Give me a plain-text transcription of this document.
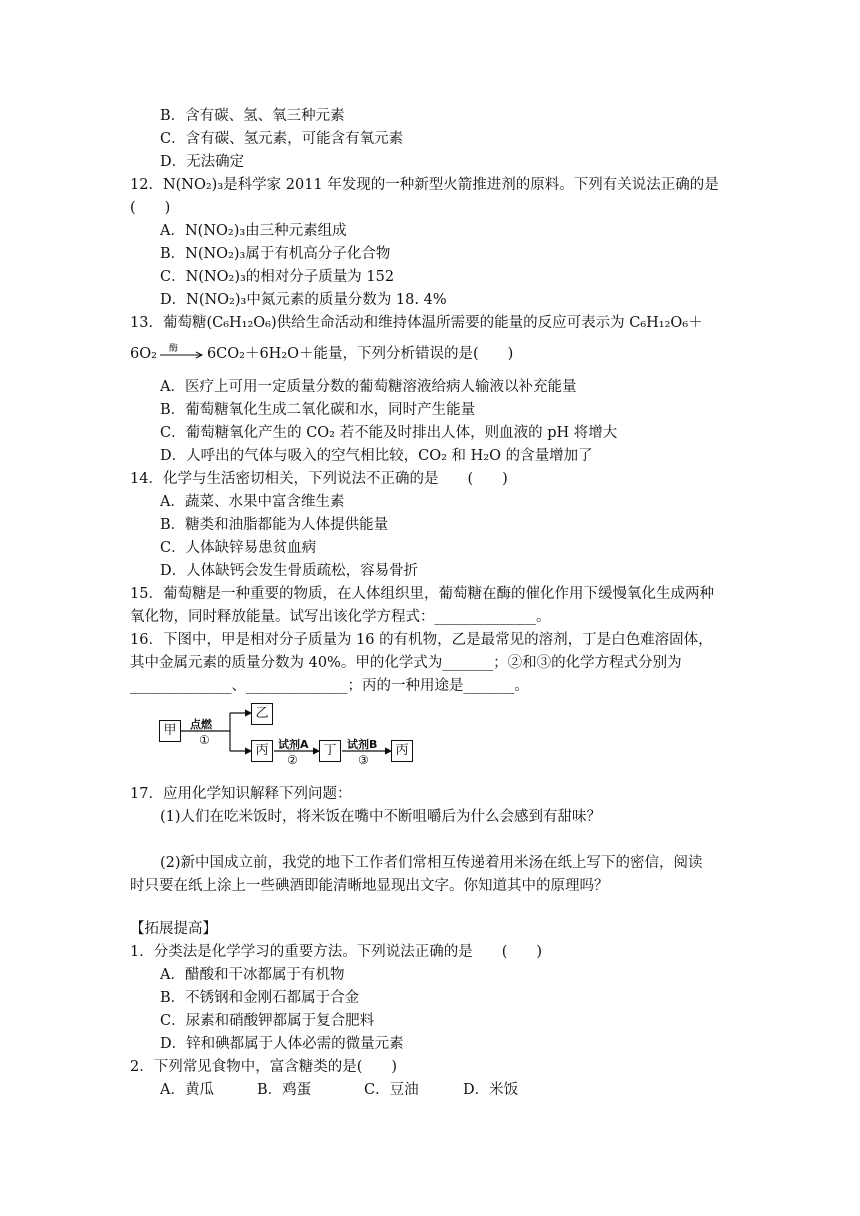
B．含有碳、氢、氧三种元素
C．含有碳、氢元素，可能含有氧元素
D．无法确定
12．N(NO₂)₃是科学家 2011 年发现的一种新型火箭推进剂的原料。下列有关说法正确的是
(　　)
A．N(NO₂)₃由三种元素组成
B．N(NO₂)₃属于有机高分子化合物
C．N(NO₂)₃的相对分子质量为 152
D．N(NO₂)₃中氮元素的质量分数为 18. 4%
13．葡萄糖(C₆H₁₂O₆)供给生命活动和维持体温所需要的能量的反应可表示为 C₆H₁₂O₆＋
6O₂ 酶 6CO₂＋6H₂O＋能量，下列分析错误的是(　　)
A．医疗上可用一定质量分数的葡萄糖溶液给病人输液以补充能量
B．葡萄糖氧化生成二氧化碳和水，同时产生能量
C．葡萄糖氧化产生的 CO₂ 若不能及时排出人体，则血液的 pH 将增大
D．人呼出的气体与吸入的空气相比较，CO₂ 和 H₂O 的含量增加了
14．化学与生活密切相关，下列说法不正确的是　　(　　)
A．蔬菜、水果中富含维生素
B．糖类和油脂都能为人体提供能量
C．人体缺锌易患贫血病
D．人体缺钙会发生骨质疏松，容易骨折
15．葡萄糖是一种重要的物质，在人体组织里，葡萄糖在酶的催化作用下缓慢氧化生成两种
氧化物，同时释放能量。试写出该化学方程式：______________。
16．下图中，甲是相对分子质量为 16 的有机物，乙是最常见的溶剂，丁是白色难溶固体，
其中金属元素的质量分数为 40%。甲的化学式为_______；②和③的化学方程式分别为
______________、______________；丙的一种用途是_______。
甲
乙
丙	丁	丙
点燃
①	试剂A
②
试剂B
③
17．应用化学知识解释下列问题：
(1)人们在吃米饭时，将米饭在嘴中不断咀嚼后为什么会感到有甜味？
(2)新中国成立前，我党的地下工作者们常相互传递着用米汤在纸上写下的密信，阅读
时只要在纸上涂上一些碘酒即能清晰地显现出文字。你知道其中的原理吗？
【拓展提高】
1．分类法是化学学习的重要方法。下列说法正确的是　　(　　)
A．醋酸和干冰都属于有机物
B．不锈钢和金刚石都属于合金
C．尿素和硝酸钾都属于复合肥料
D．锌和碘都属于人体必需的微量元素
2．下列常见食物中，富含糖类的是(　　)
A．黄瓜	B．鸡蛋	C．豆油	D．米饭
